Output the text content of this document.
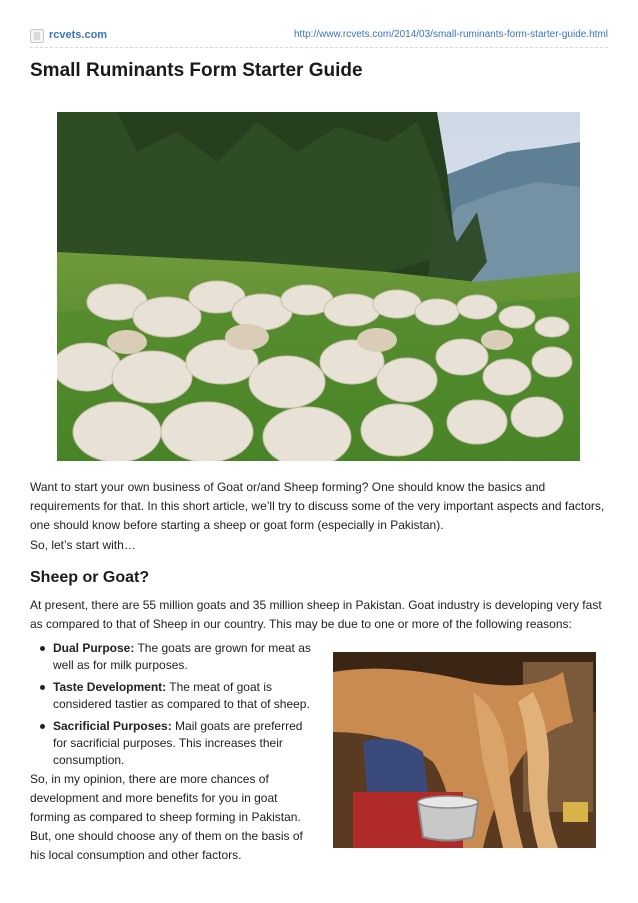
rcvets.com	http://www.rcvets.com/2014/03/small-ruminants-form-starter-guide.html
Small Ruminants Form Starter Guide

Want to start your own business of Goat or/and Sheep forming? One should know the basics and requirements for that. In this short article, we’ll try to discuss some of the very important aspects and factors, one should know before starting a sheep or goat form (especially in Pakistan).

So, let’s start with…

Sheep or Goat?

At present, there are 55 million goats and 35 million sheep in Pakistan. Goat industry is developing very fast as compared to that of Sheep in our country. This may be due to one or more of the following reasons:

Dual Purpose: The goats are grown for meat as well as for milk purposes.
Taste Development: The meat of goat is considered tastier as compared to that of sheep.
Sacrificial Purposes: Mail goats are preferred for sacrificial purposes. This increases their consumption.

So, in my opinion, there are more chances of development and more benefits for you in goat forming as compared to sheep forming in Pakistan. But, one should choose any of them on the basis of his local consumption and other factors.
